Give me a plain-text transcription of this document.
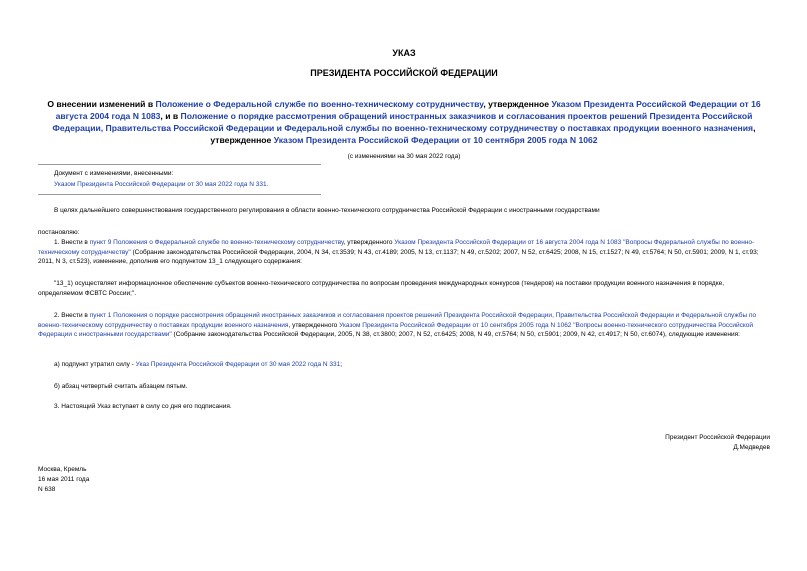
УКАЗ
ПРЕЗИДЕНТА РОССИЙСКОЙ ФЕДЕРАЦИИ
О внесении изменений в Положение о Федеральной службе по военно-техническому сотрудничеству, утвержденное Указом Президента Российской Федерации от 16 августа 2004 года N 1083, и в Положение о порядке рассмотрения обращений иностранных заказчиков и согласования проектов решений Президента Российской Федерации, Правительства Российской Федерации и Федеральной службы по военно-техническому сотрудничеству о поставках продукции военного назначения, утвержденное Указом Президента Российской Федерации от 10 сентября 2005 года N 1062
(с изменениями на 30 мая 2022 года)
Документ с изменениями, внесенными:
Указом Президента Российской Федерации от 30 мая 2022 года N 331.
В целях дальнейшего совершенствования государственного регулирования в области военно-технического сотрудничества Российской Федерации с иностранными государствами
постановляю:
1. Внести в пункт 9 Положения о Федеральной службе по военно-техническому сотрудничеству, утвержденного Указом Президента Российской Федерации от 16 августа 2004 года N 1083 "Вопросы Федеральной службы по военно-техническому сотрудничеству" (Собрание законодательства Российской Федерации, 2004, N 34, ст.3539; N 43, ст.4189; 2005, N 13, ст.1137; N 49, ст.5202; 2007, N 52, ст.6425; 2008, N 15, ст.1527; N 49, ст.5764; N 50, ст.5901; 2009, N 1, ст.93; 2011, N 3, ст.523), изменение, дополнив его подпунктом 13_1 следующего содержания:
"13_1) осуществляет информационное обеспечение субъектов военно-технического сотрудничества по вопросам проведения международных конкурсов (тендеров) на поставки продукции военного назначения в порядке, определяемом ФСВТС России;".
2. Внести в пункт 1 Положения о порядке рассмотрения обращений иностранных заказчиков и согласования проектов решений Президента Российской Федерации, Правительства Российской Федерации и Федеральной службы по военно-техническому сотрудничеству о поставках продукции военного назначения, утвержденного Указом Президента Российской Федерации от 10 сентября 2005 года N 1062 "Вопросы военно-технического сотрудничества Российской Федерации с иностранными государствами" (Собрание законодательства Российской Федерации, 2005, N 38, ст.3800; 2007, N 52, ст.6425; 2008, N 49, ст.5764; N 50, ст.5901; 2009, N 42, ст.4917; N 50, ст.6074), следующие изменения:
а) подпункт утратил силу - Указ Президента Российской Федерации от 30 мая 2022 года N 331;
б) абзац четвертый считать абзацем пятым.
3. Настоящий Указ вступает в силу со дня его подписания.
Президент Российской Федерации
Д.Медведев
Москва, Кремль
16 мая 2011 года
N 638
